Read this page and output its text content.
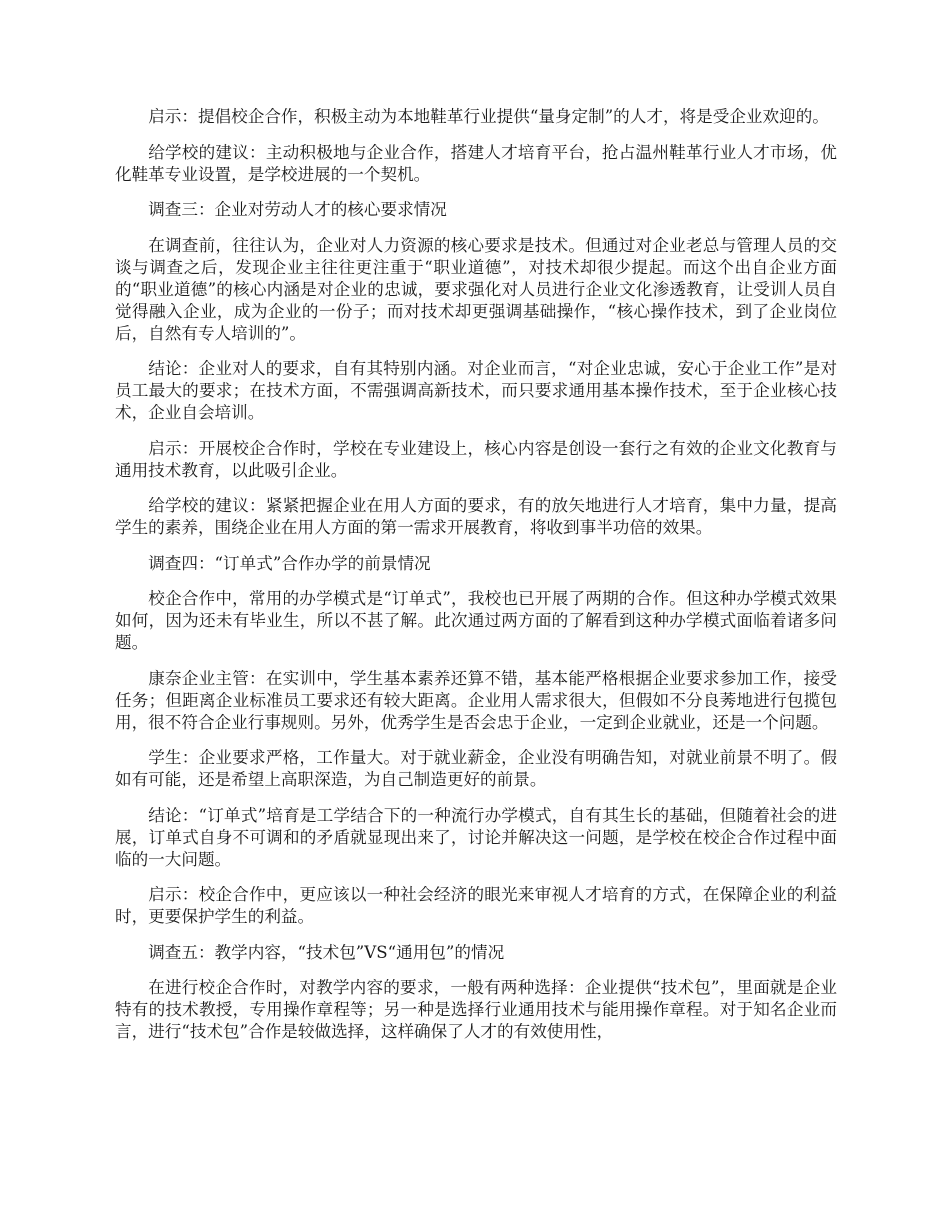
启示：提倡校企合作，积极主动为本地鞋革行业提供“量身定制”的人才，将是受企业欢迎的。

给学校的建议：主动积极地与企业合作，搭建人才培育平台，抢占温州鞋革行业人才市场，优化鞋革专业设置，是学校进展的一个契机。

调查三：企业对劳动人才的核心要求情况

在调查前，往往认为，企业对人力资源的核心要求是技术。但通过对企业老总与管理人员的交谈与调查之后，发现企业主往往更注重于“职业道德”，对技术却很少提起。而这个出自企业方面的“职业道德”的核心内涵是对企业的忠诚，要求强化对人员进行企业文化渗透教育，让受训人员自觉得融入企业，成为企业的一份子；而对技术却更强调基础操作，“核心操作技术，到了企业岗位后，自然有专人培训的”。

结论：企业对人的要求，自有其特别内涵。对企业而言，“对企业忠诚，安心于企业工作”是对员工最大的要求；在技术方面，不需强调高新技术，而只要求通用基本操作技术，至于企业核心技术，企业自会培训。

启示：开展校企合作时，学校在专业建设上，核心内容是创设一套行之有效的企业文化教育与通用技术教育，以此吸引企业。

给学校的建议：紧紧把握企业在用人方面的要求，有的放矢地进行人才培育，集中力量，提高学生的素养，围绕企业在用人方面的第一需求开展教育，将收到事半功倍的效果。

调查四：“订单式”合作办学的前景情况

校企合作中，常用的办学模式是“订单式”，我校也已开展了两期的合作。但这种办学模式效果如何，因为还未有毕业生，所以不甚了解。此次通过两方面的了解看到这种办学模式面临着诸多问题。

康奈企业主管：在实训中，学生基本素养还算不错，基本能严格根据企业要求参加工作，接受任务；但距离企业标准员工要求还有较大距离。企业用人需求很大，但假如不分良莠地进行包揽包用，很不符合企业行事规则。另外，优秀学生是否会忠于企业，一定到企业就业，还是一个问题。

学生：企业要求严格，工作量大。对于就业薪金，企业没有明确告知，对就业前景不明了。假如有可能，还是希望上高职深造，为自己制造更好的前景。

结论：“订单式”培育是工学结合下的一种流行办学模式，自有其生长的基础，但随着社会的进展，订单式自身不可调和的矛盾就显现出来了，讨论并解决这一问题，是学校在校企合作过程中面临的一大问题。

启示：校企合作中，更应该以一种社会经济的眼光来审视人才培育的方式，在保障企业的利益时，更要保护学生的利益。

调查五：教学内容，“技术包”VS“通用包”的情况

在进行校企合作时，对教学内容的要求，一般有两种选择：企业提供“技术包”，里面就是企业特有的技术教授，专用操作章程等；另一种是选择行业通用技术与能用操作章程。对于知名企业而言，进行“技术包”合作是较做选择，这样确保了人才的有效使用性，
